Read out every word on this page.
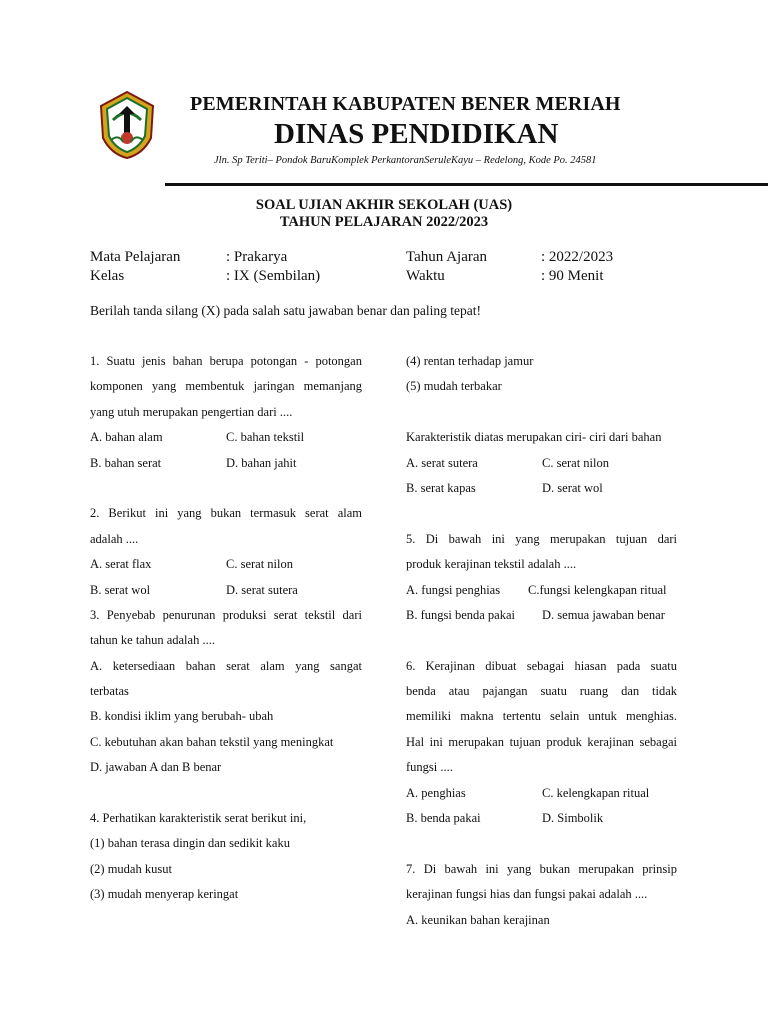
PEMERINTAH KABUPATEN BENER MERIAH
DINAS PENDIDIKAN
Jln. Sp Teriti– Pondok BaruKomplek PerkantoranSeruleKayu – Redelong, Kode Po. 24581
SOAL UJIAN AKHIR SEKOLAH (UAS)
TAHUN PELAJARAN 2022/2023
Mata Pelajaran	: Prakarya	Tahun Ajaran	: 2022/2023
Kelas	: IX (Sembilan)	Waktu	: 90 Menit
Berilah tanda silang (X) pada salah satu jawaban benar dan paling tepat!
1. Suatu jenis bahan berupa potongan - potongan
komponen yang membentuk jaringan memanjang
yang utuh merupakan pengertian dari ....
A. bahan alam	C. bahan tekstil
B. bahan serat	D. bahan jahit
2. Berikut ini yang bukan termasuk serat alam
adalah ....
A. serat flax	C. serat nilon
B. serat wol	D. serat sutera
3. Penyebab penurunan produksi serat tekstil dari
tahun ke tahun adalah ....
A. ketersediaan bahan serat alam yang sangat
terbatas
B. kondisi iklim yang berubah- ubah
C. kebutuhan akan bahan tekstil yang meningkat
D. jawaban A dan B benar
4. Perhatikan karakteristik serat berikut ini,
(1) bahan terasa dingin dan sedikit kaku
(2) mudah kusut
(3) mudah menyerap keringat
(4) rentan terhadap jamur
(5) mudah terbakar
Karakteristik diatas merupakan ciri- ciri dari bahan
A. serat sutera	C. serat nilon
B. serat kapas	D. serat wol
5. Di bawah ini yang merupakan tujuan dari
produk kerajinan tekstil adalah ....
A. fungsi penghias C.fungsi kelengkapan ritual
B. fungsi benda pakai D. semua jawaban benar
6. Kerajinan dibuat sebagai hiasan pada suatu
benda atau pajangan suatu ruang dan tidak
memiliki makna tertentu selain untuk menghias.
Hal ini merupakan tujuan produk kerajinan sebagai
fungsi ....
A. penghias	C. kelengkapan ritual
B. benda pakai	D. Simbolik
7. Di bawah ini yang bukan merupakan prinsip
kerajinan fungsi hias dan fungsi pakai adalah ....
A. keunikan bahan kerajinan
